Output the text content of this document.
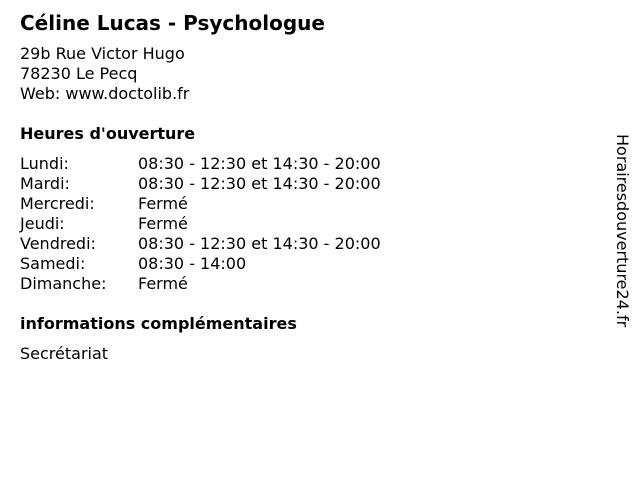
Céline Lucas - Psychologue
29b Rue Victor Hugo
78230 Le Pecq
Web: www.doctolib.fr
Heures d'ouverture
Lundi:	08:30 - 12:30 et 14:30 - 20:00
Mardi:	08:30 - 12:30 et 14:30 - 20:00
Mercredi:	Fermé
Jeudi:	Fermé
Vendredi:	08:30 - 12:30 et 14:30 - 20:00
Samedi:	08:30 - 14:00
Dimanche: Fermé
informations complémentaires
Secrétariat
Horairesdouverture24.fr
